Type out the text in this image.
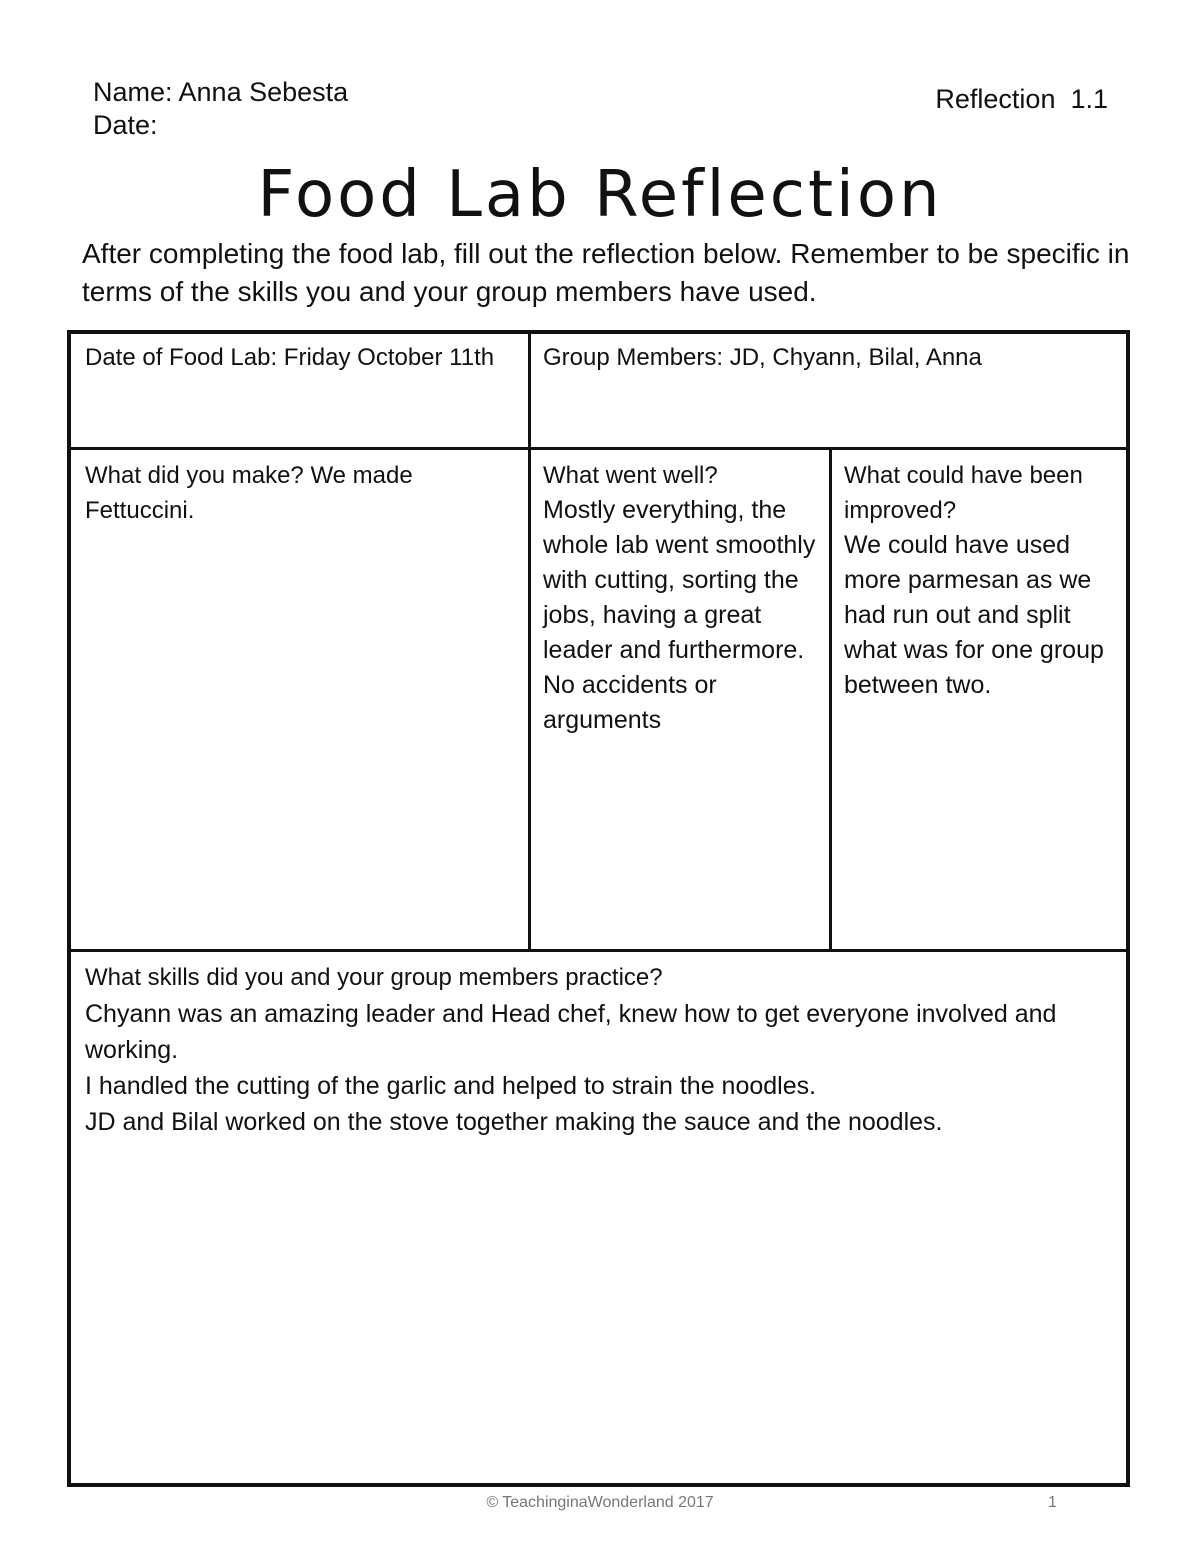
Name: Anna Sebesta
Date:
Reflection  1.1
Food Lab Reflection
After completing the food lab, fill out the reflection below. Remember to be specific in terms of the skills you and your group members have used.
Date of Food Lab: Friday October 11th	Group Members: JD, Chyann, Bilal, Anna
What did you make? We made Fettuccini.
What went well?
Mostly everything, the whole lab went smoothly with cutting, sorting the jobs, having a great leader and furthermore. No accidents or arguments
What could have been improved?
We could have used more parmesan as we had run out and split what was for one group between two.
What skills did you and your group members practice?
Chyann was an amazing leader and Head chef, knew how to get everyone involved and working.
I handled the cutting of the garlic and helped to strain the noodles.
JD and Bilal worked on the stove together making the sauce and the noodles.
© TeachinginaWonderland 2017	1
